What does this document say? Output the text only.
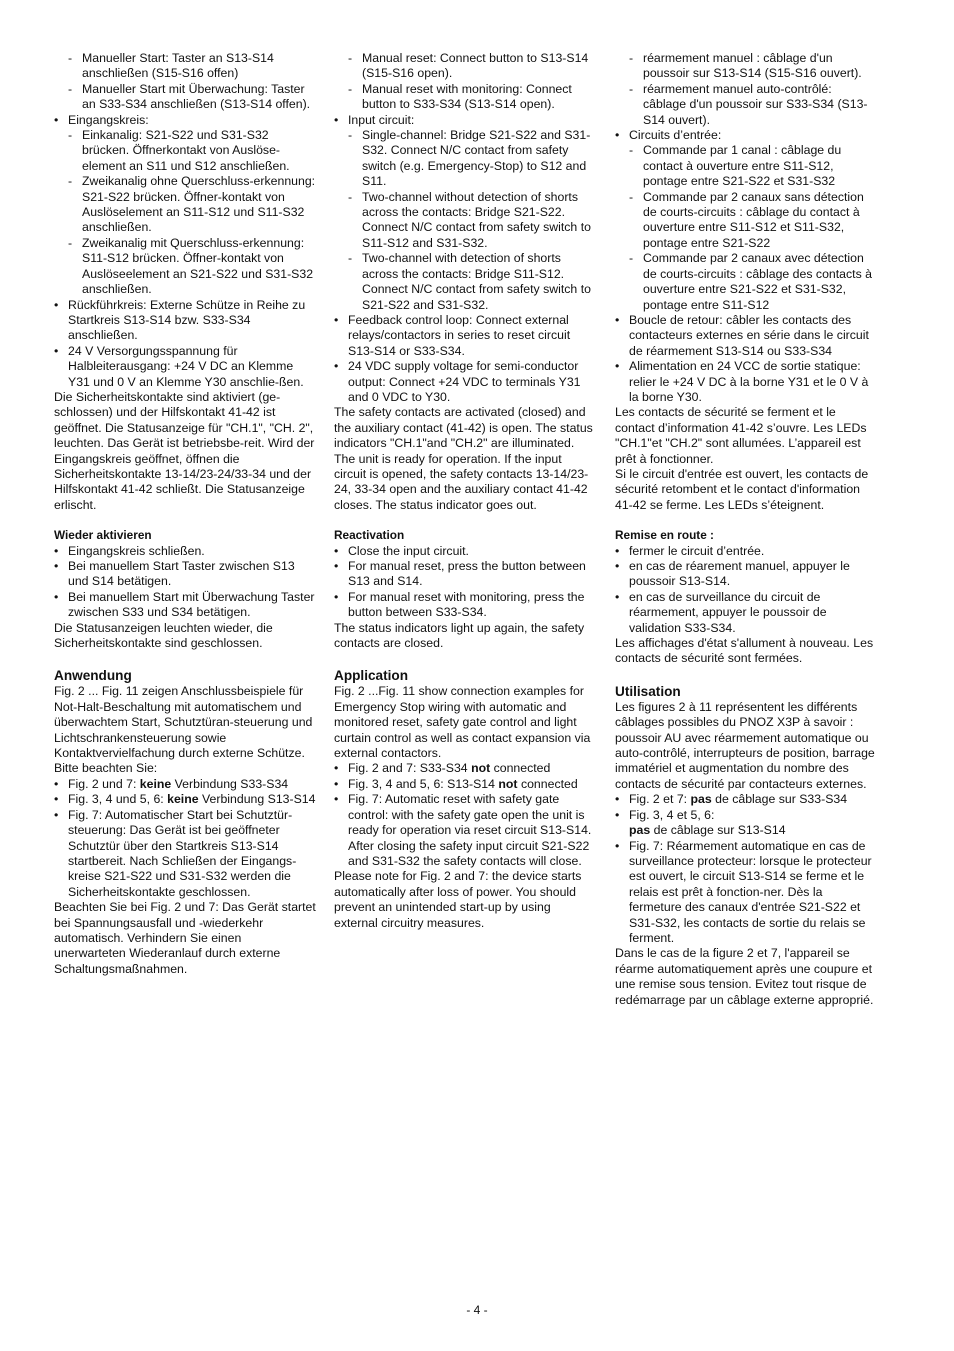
- Manueller Start: Taster an S13-S14 anschließen (S15-S16 offen)
- Manueller Start mit Überwachung: Taster an S33-S34 anschließen (S13-S14 offen).
• Eingangskreis:
- Einkanalig: S21-S22 und S31-S32 brücken. Öffnerkontakt von Auslöse-element an S11 und S12 anschließen.
- Zweikanalig ohne Querschluss-erkennung: S21-S22 brücken. Öffner-kontakt von Auslöselement an S11-S12 und S11-S32 anschließen.
- Zweikanalig mit Querschluss-erkennung: S11-S12 brücken. Öffner-kontakt von Auslöseelement an S21-S22 und S31-S32 anschließen.
• Rückführkreis: Externe Schütze in Reihe zu Startkreis S13-S14 bzw. S33-S34 anschließen.
• 24 V Versorgungsspannung für Halbleiterausgang: +24 V DC an Klemme Y31 und 0 V an Klemme Y30 anschlie-ßen.
Die Sicherheitskontakte sind aktiviert (ge-schlossen) und der Hilfskontakt 41-42 ist geöffnet. Die Statusanzeige für "CH.1", "CH. 2", leuchten. Das Gerät ist betriebsbe-reit. Wird der Eingangskreis geöffnet, öffnen die Sicherheitskontakte 13-14/23-24/33-34 und der Hilfskontakt 41-42 schließt. Die Statusanzeige erlischt.
Wieder aktivieren
• Eingangskreis schließen.
• Bei manuellem Start Taster zwischen S13 und S14 betätigen.
• Bei manuellem Start mit Überwachung Taster zwischen S33 und S34 betätigen.
Die Statusanzeigen leuchten wieder, die Sicherheitskontakte sind geschlossen.
Anwendung
Fig. 2 ... Fig. 11 zeigen Anschlussbeispiele für Not-Halt-Beschaltung mit automatischem und überwachtem Start, Schutztüran-steuerung und Lichtschrankensteuerung sowie Kontaktvervielfachung durch externe Schütze.
Bitte beachten Sie:
• Fig. 2 und 7: keine Verbindung S33-S34
• Fig. 3, 4 und 5, 6: keine Verbindung S13-S14
• Fig. 7: Automatischer Start bei Schutztür-steuerung: Das Gerät ist bei geöffneter Schutztür über den Startkreis S13-S14 startbereit. Nach Schließen der Eingangs-kreise S21-S22 und S31-S32 werden die Sicherheitskontakte geschlossen.
Beachten Sie bei Fig. 2 und 7: Das Gerät startet bei Spannungsausfall und -wiederkehr automatisch. Verhindern Sie einen unerwarteten Wiederanlauf durch externe Schaltungsmaßnahmen.
- Manual reset: Connect button to S13-S14 (S15-S16 open).
- Manual reset with monitoring: Connect button to S33-S34 (S13-S14 open).
• Input circuit:
- Single-channel: Bridge S21-S22 and S31-S32. Connect N/C contact from safety switch (e.g. Emergency-Stop) to S12 and S11.
- Two-channel without detection of shorts across the contacts: Bridge S21-S22. Connect N/C contact from safety switch to S11-S12 and S31-S32.
- Two-channel with detection of shorts across the contacts: Bridge S11-S12. Connect N/C contact from safety switch to S21-S22 and S31-S32.
• Feedback control loop: Connect external relays/contactors in series to reset circuit S13-S14 or S33-S34.
• 24 VDC supply voltage for semi-conductor output: Connect +24 VDC to terminals Y31 and 0 VDC to Y30.
The safety contacts are activated (closed) and the auxiliary contact (41-42) is open. The status indicators "CH.1"and "CH.2" are illuminated. The unit is ready for operation. If the input circuit is opened, the safety contacts 13-14/23-24, 33-34 open and the auxiliary contact 41-42 closes. The status indicator goes out.
Reactivation
• Close the input circuit.
• For manual reset, press the button between S13 and S14.
• For manual reset with monitoring, press the button between S33-S34.
The status indicators light up again, the safety contacts are closed.
Application
Fig. 2 ...Fig. 11 show connection examples for Emergency Stop wiring with automatic and monitored reset, safety gate control and light curtain control as well as contact expansion via external contactors.
• Fig. 2 and 7: S33-S34 not connected
• Fig. 3, 4 and 5, 6: S13-S14 not connected
• Fig. 7: Automatic reset with safety gate control: with the safety gate open the unit is ready for operation via reset circuit S13-S14. After closing the safety input circuit S21-S22 and S31-S32 the safety contacts will close.
Please note for Fig. 2 and 7: the device starts automatically after loss of power. You should prevent an unintended start-up by using external circuitry measures.
- réarmement manuel : câblage d'un poussoir sur S13-S14 (S15-S16 ouvert).
- réarmement manuel auto-contrôlé: câblage d'un poussoir sur S33-S34 (S13-S14 ouvert).
• Circuits d’entrée:
- Commande par 1 canal : câblage du contact à ouverture entre S11-S12, pontage entre S21-S22 et S31-S32
- Commande par 2 canaux sans détection de courts-circuits : câblage du contact à ouverture entre S11-S12 et S11-S32, pontage entre S21-S22
- Commande par 2 canaux avec détection de courts-circuits : câblage des contacts à ouverture entre S21-S22 et S31-S32, pontage entre S11-S12
• Boucle de retour: câbler les contacts des contacteurs externes en série dans le circuit de réarmement S13-S14 ou S33-S34
• Alimentation en 24 VCC de sortie statique: relier le +24 V DC à la borne Y31 et le 0 V à la borne Y30.
Les contacts de sécurité se ferment et le contact d’information 41-42 s’ouvre. Les LEDs "CH.1"et "CH.2" sont allumées. L’appareil est prêt à fonctionner.
Si le circuit d'entrée est ouvert, les contacts de sécurité retombent et le contact d'information 41-42 se ferme. Les LEDs s’éteignent.
Remise en route :
• fermer le circuit d’entrée.
• en cas de réarement manuel, appuyer le poussoir S13-S14.
• en cas de surveillance du circuit de réarmement, appuyer le poussoir de validation S33-S34.
Les affichages d'état s'allument à nouveau. Les contacts de sécurité sont fermées.
Utilisation
Les figures 2 à 11 représentent les différents câblages possibles du PNOZ X3P à savoir : poussoir AU avec réarmement automatique ou auto-contrôlé, interrupteurs de position, barrage immatériel et augmentation du nombre des contacts de sécurité par contacteurs externes.
• Fig. 2 et 7: pas de câblage sur S33-S34
• Fig. 3, 4 et 5, 6:
pas de câblage sur S13-S14
• Fig. 7: Réarmement automatique en cas de surveillance protecteur: lorsque le protecteur est ouvert, le circuit S13-S14 se ferme et le relais est prêt à fonction-ner. Dès la fermeture des canaux d'entrée S21-S22 et S31-S32, les contacts de sortie du relais se ferment.
Dans le cas de la figure 2 et 7, l'appareil se réarme automatiquement après une coupure et une remise sous tension. Evitez tout risque de redémarrage par un câblage externe approprié.
- 4 -
